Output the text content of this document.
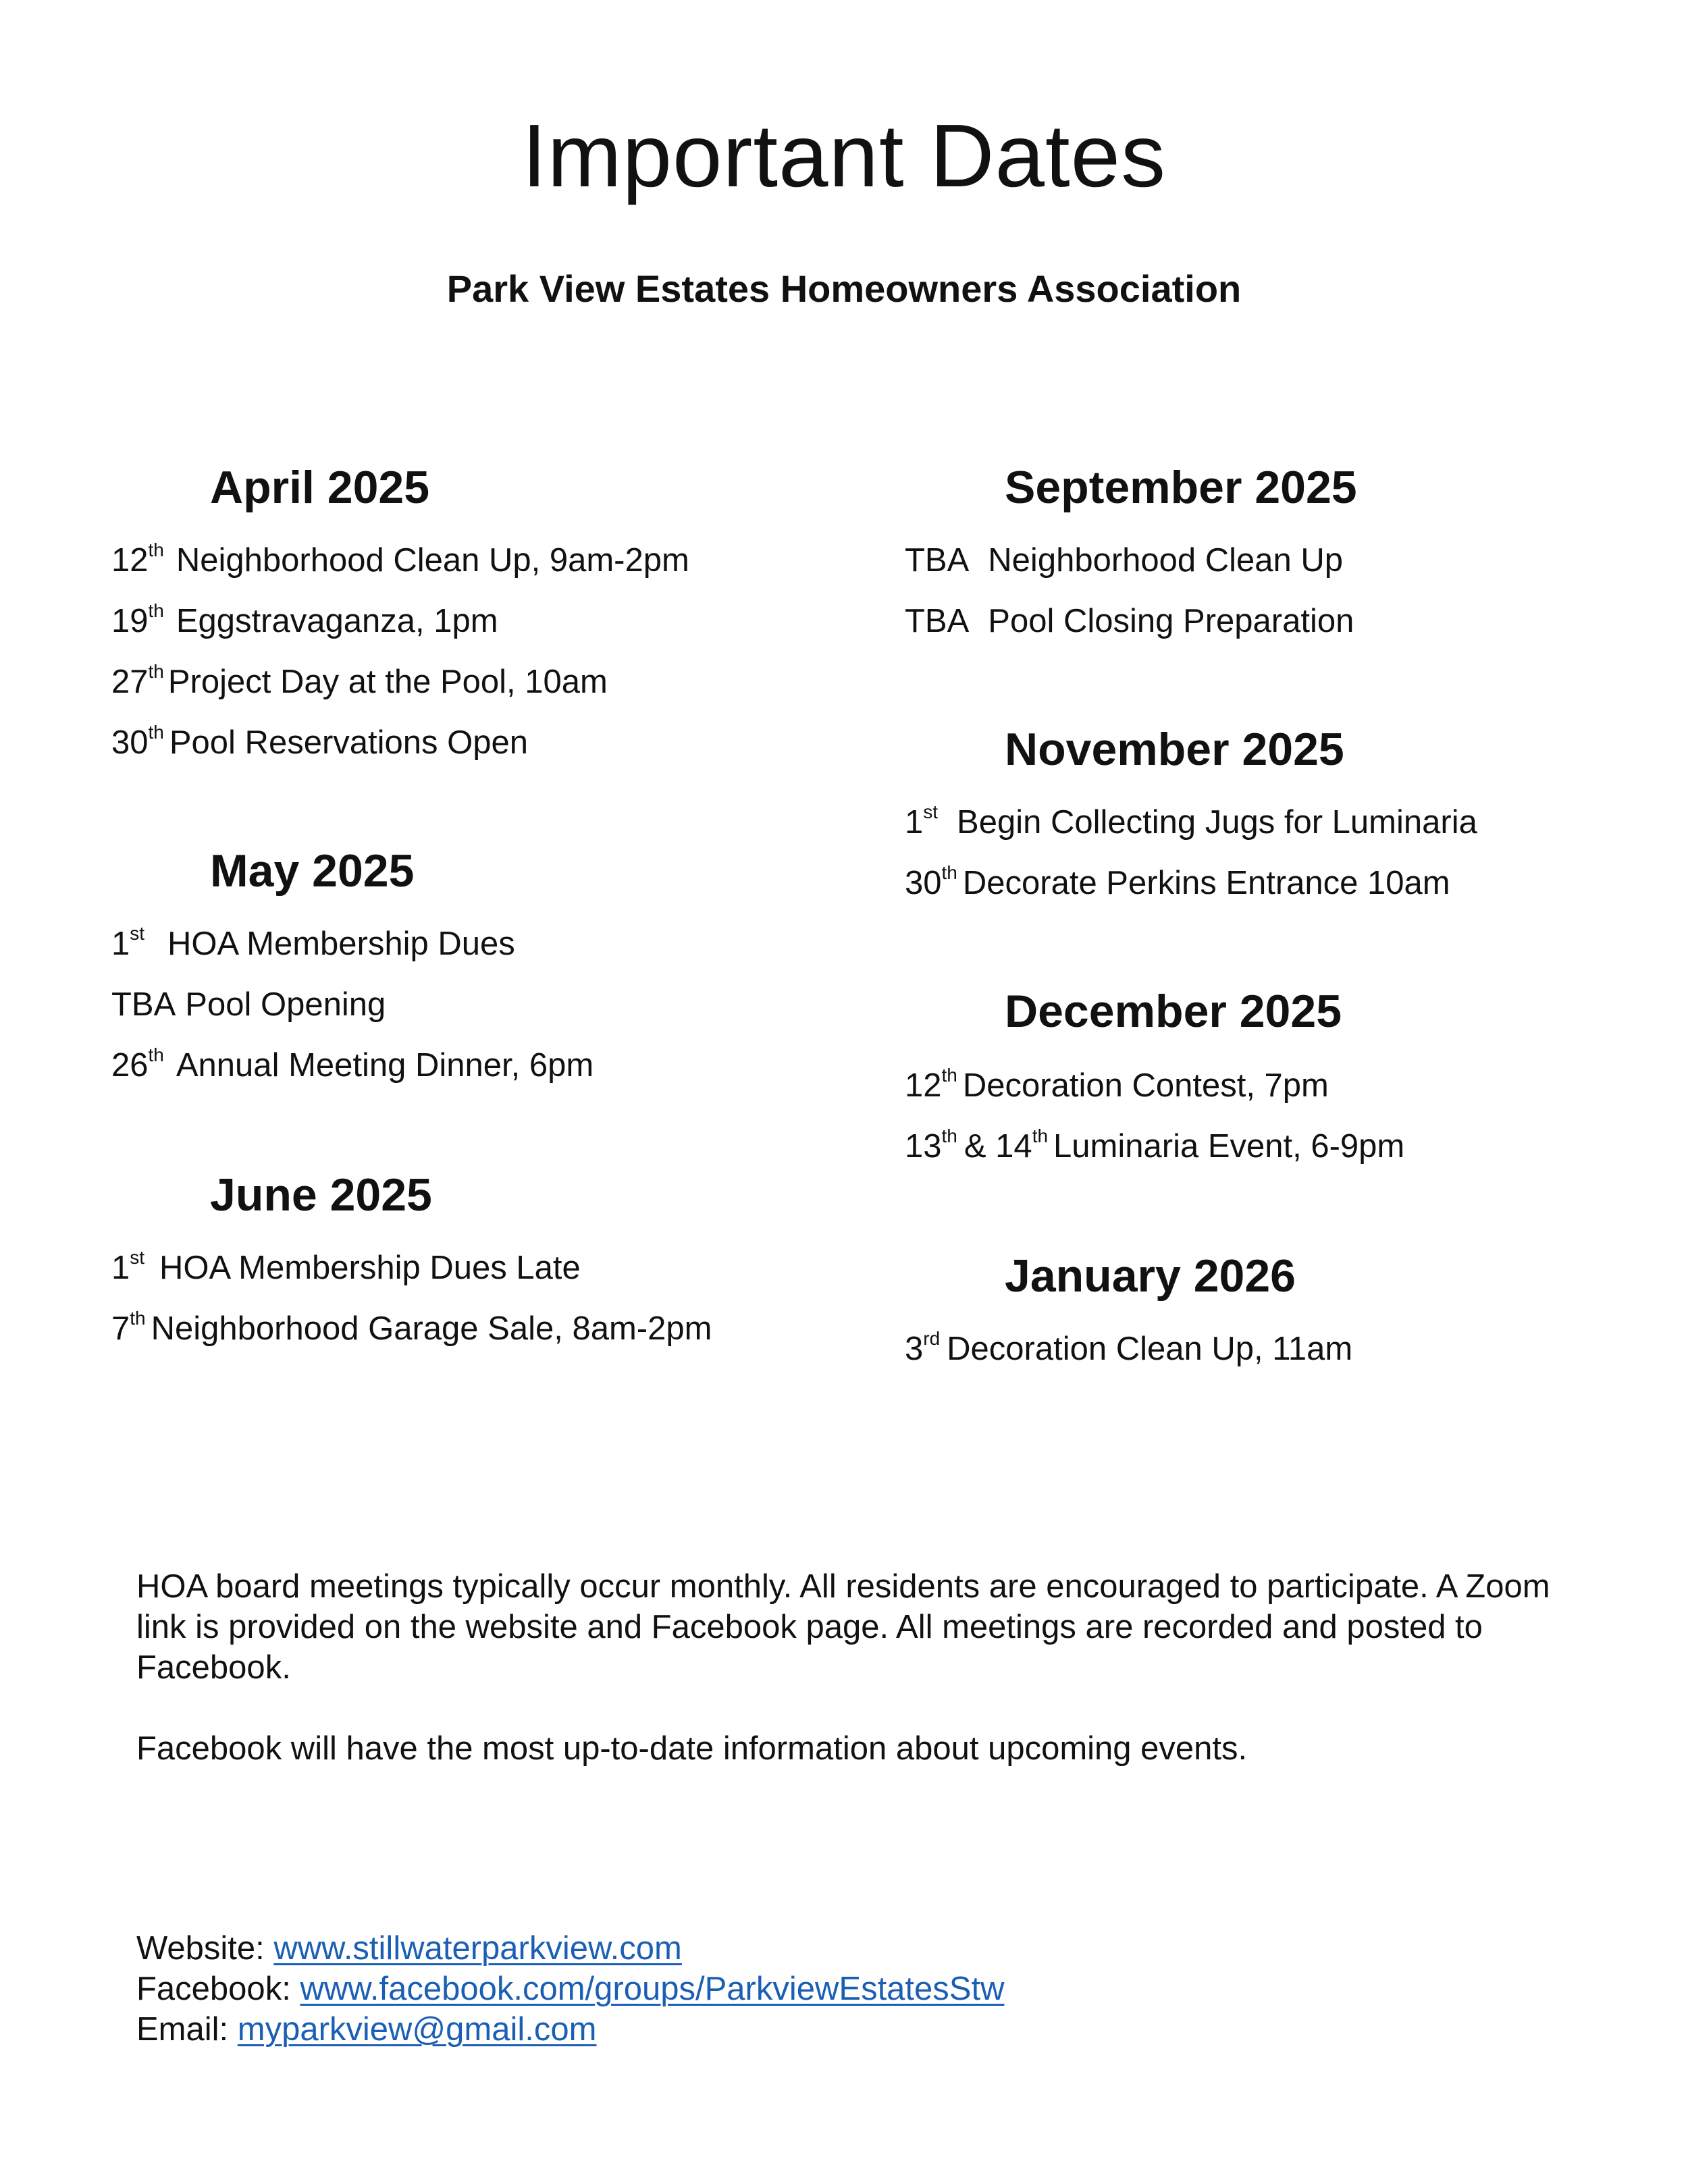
Important Dates
Park View Estates Homeowners Association
April 2025
12th Neighborhood Clean Up, 9am-2pm
19th Eggstravaganza, 1pm
27th Project Day at the Pool, 10am
30th Pool Reservations Open
May 2025
1st HOA Membership Dues
TBA Pool Opening
26th Annual Meeting Dinner, 6pm
June 2025
1st HOA Membership Dues Late
7th Neighborhood Garage Sale, 8am-2pm
September 2025
TBA Neighborhood Clean Up
TBA Pool Closing Preparation
November 2025
1st Begin Collecting Jugs for Luminaria
30th Decorate Perkins Entrance 10am
December 2025
12th Decoration Contest, 7pm
13th & 14th Luminaria Event, 6-9pm
January 2026
3rd Decoration Clean Up, 11am
HOA board meetings typically occur monthly. All residents are encouraged to participate. A Zoom link is provided on the website and Facebook page. All meetings are recorded and posted to Facebook.
Facebook will have the most up-to-date information about upcoming events.
Website: www.stillwaterparkview.com
Facebook: www.facebook.com/groups/ParkviewEstatesStw
Email: myparkview@gmail.com
